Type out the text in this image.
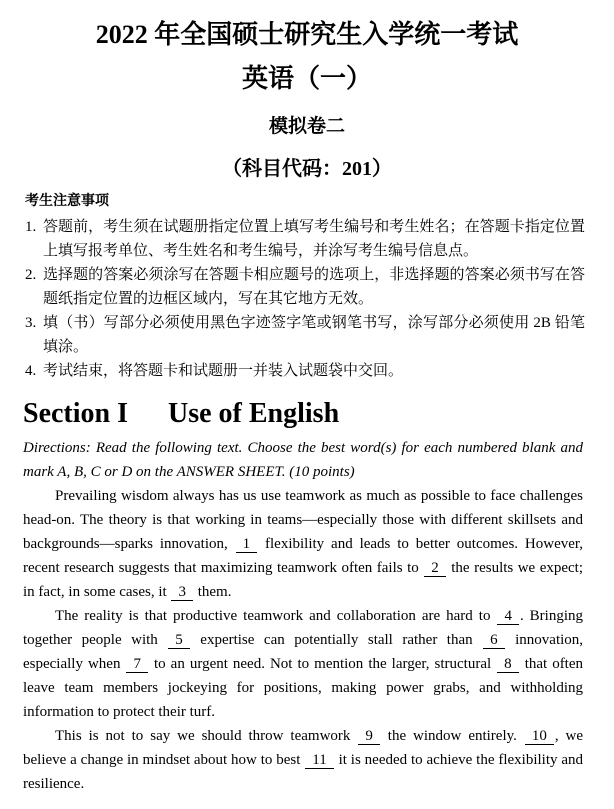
2022 年全国硕士研究生入学统一考试
英语（一）
模拟卷二
（科目代码：201）
考生注意事项
1. 答题前，考生须在试题册指定位置上填写考生编号和考生姓名；在答题卡指定位置上填写报考单位、考生姓名和考生编号，并涂写考生编号信息点。
2. 选择题的答案必须涂写在答题卡相应题号的选项上，非选择题的答案必须书写在答题纸指定位置的边框区域内，写在其它地方无效。
3. 填（书）写部分必须使用黑色字迹签字笔或钢笔书写，涂写部分必须使用 2B 铅笔填涂。
4. 考试结束，将答题卡和试题册一并装入试题袋中交回。
Section I Use of English

Directions: Read the following text. Choose the best word(s) for each numbered blank and mark A, B, C or D on the ANSWER SHEET. (10 points)

Prevailing wisdom always has us use teamwork as much as possible to face challenges head-on. The theory is that working in teams—especially those with different skillsets and backgrounds—sparks innovation, 1 flexibility and leads to better outcomes. However, recent research suggests that maximizing teamwork often fails to 2 the results we expect; in fact, in some cases, it 3 them.

The reality is that productive teamwork and collaboration are hard to 4 . Bringing together people with 5 expertise can potentially stall rather than 6 innovation, especially when 7 to an urgent need. Not to mention the larger, structural 8 that often leave team members jockeying for positions, making power grabs, and withholding information to protect their turf.

This is not to say we should throw teamwork 9 the window entirely. 10 , we believe a change in mindset about how to best 11 it is needed to achieve the flexibility and resilience.
